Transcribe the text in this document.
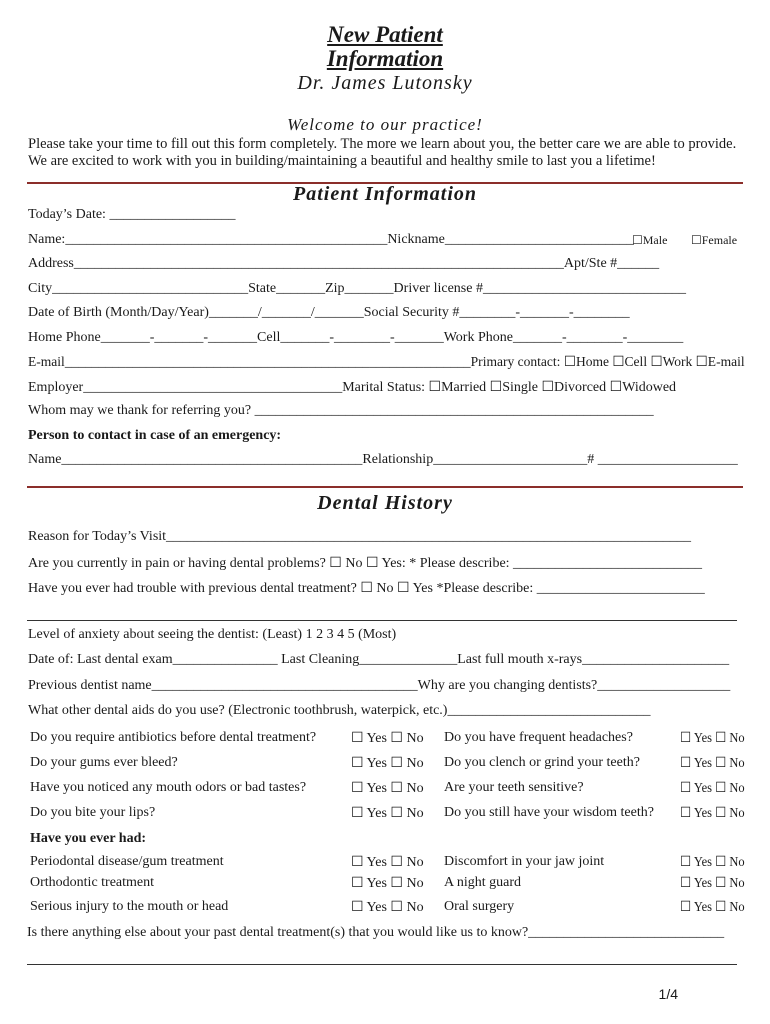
New Patient
Information
Dr. James Lutonsky
Welcome to our practice!
Please take your time to fill out this form completely. The more we learn about you, the better care we are able to provide. We are excited to work with you in building/maintaining a beautiful and healthy smile to last you a lifetime!
Patient Information
Today’s Date: __________________
Name:______________________________________________Nickname___________________________
☐Male ☐Female
Address______________________________________________________________________Apt/Ste #______
City____________________________State_______Zip_______Driver license #_____________________________
Date of Birth (Month/Day/Year)_______/_______/_______Social Security #________-_______-________
Home Phone_______-_______-_______Cell_______-________-_______Work Phone_______-________-________
E-mail____________________________________________________________Primary contact: ☐Home ☐Cell ☐Work ☐E-mail
Employer_____________________________________Marital Status: ☐Married ☐Single ☐Divorced ☐Widowed
Whom may we thank for referring you? _________________________________________________________
Person to contact in case of an emergency:
Name___________________________________________Relationship______________________# ____________________
Dental History
Reason for Today’s Visit___________________________________________________________________________
Are you currently in pain or having dental problems? ☐ No ☐ Yes: * Please describe: ___________________________
Have you ever had trouble with previous dental treatment? ☐ No ☐ Yes *Please describe: ________________________
Level of anxiety about seeing the dentist: (Least) 1 2 3 4 5 (Most)
Date of: Last dental exam_______________ Last Cleaning______________Last full mouth x-rays_____________________
Previous dentist name______________________________________Why are you changing dentists?___________________
What other dental aids do you use? (Electronic toothbrush, waterpick, etc.)_____________________________
Do you require antibiotics before dental treatment? ☐ Yes ☐ No Do you have frequent headaches?	☐ Yes ☐ No
Do your gums ever bleed?	☐ Yes ☐ No Do you clench or grind your teeth?	☐ Yes ☐ No
Have you noticed any mouth odors or bad tastes?	☐ Yes ☐ No Are your teeth sensitive?	☐ Yes ☐ No
Do you bite your lips?	☐ Yes ☐ No Do you still have your wisdom teeth? ☐ Yes ☐ No
Have you ever had:
Periodontal disease/gum treatment	☐ Yes ☐ No Discomfort in your jaw joint	☐ Yes ☐ No
Orthodontic treatment	☐ Yes ☐ No A night guard	☐ Yes ☐ No
Serious injury to the mouth or head	☐ Yes ☐ No Oral surgery	☐ Yes ☐ No
Is there anything else about your past dental treatment(s) that you would like us to know?____________________________
1/4
